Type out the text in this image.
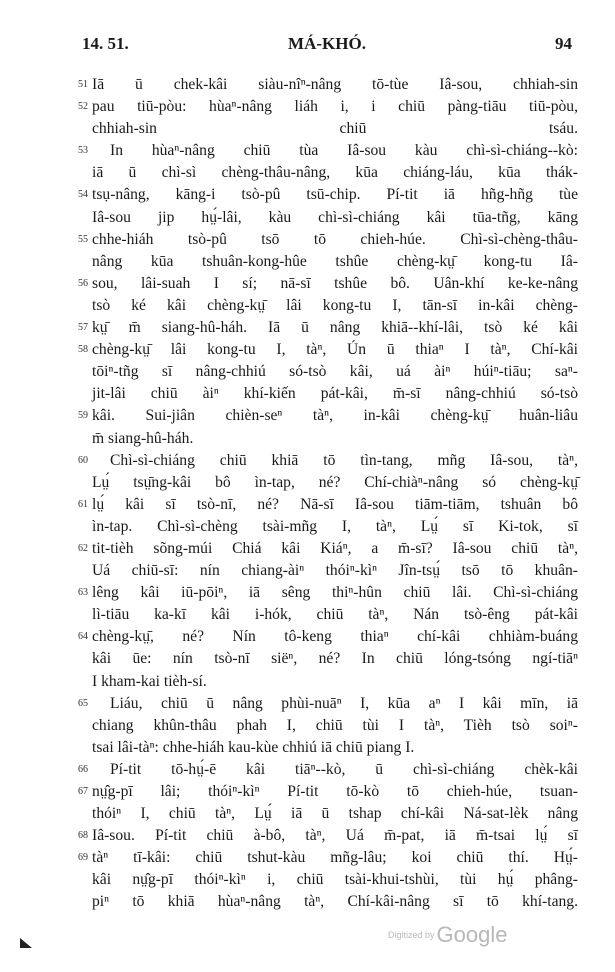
14. 51.	MÁ-KHÓ.	94
51 Iā ū chek-kâi siàu-nîⁿ-nâng tō-tùe Iâ-sou, chhiah-sin
52 pau tiū-pòu: hùaⁿ-nâng liáh i, i chiū pàng-tiāu tiū-pòu,
chhiah-sin chiū tsáu.
53 In hùaⁿ-nâng chiū tùa Iâ-sou kàu chì-sì-chiáng-‑kò:
iā ū chì-sì chèng-thâu-nâng, kūa chiáng-láu, kūa thák-
54 tsụ-nâng, kāng-i tsò-pû tsū-chip. Pí-tit iā hñg-hñg tùe
Iâ-sou jip hṳ́-lâi, kàu chì-sì-chiáng kâi tūa-tñg, kāng
55 chhe-hiáh tsò-pû tsō tō chieh-húe. Chì-sì-chèng-thâu-
nâng kūa tshuân-kong-hûe tshûe chèng-kṳ̄ kong-tu Iâ-
56 sou, lâi-suah I sí; nā-sī tshûe bô. Uân-khí ke-ke-nâng
tsò ké kâi chèng-kṳ̄ lâi kong-tu I, tān-sī in-kâi chèng-
57 kṳ̄ m̄ siang-hû-háh. Iā ū nâng khiā-‑khí-lâi, tsò ké kâi
58 chèng-kṳ̄ lâi kong-tu I, tàⁿ, Ún ū thiaⁿ I tàⁿ, Chí-kâi
tōiⁿ-tñg sī nâng-chhiú só-tsò kâi, uá àiⁿ húiⁿ-tiāu; saⁿ-
jit-lâi chiū àiⁿ khí-kiến pát-kâi, m̄-sī nâng-chhiú só-tsò
59 kâi. Sui-jiân chièn-seⁿ tàⁿ, in-kâi chèng-kṳ̄ huân-liâu
m̄ siang-hû-háh.
60 Chì-sì-chiáng chiū khiā tō tìn-tang, mñg Iâ-sou, tàⁿ,
Lṳ́ tsṳ̄ng-kâi bô ìn-tap, né? Chí-chiàⁿ-nâng só chèng-kṳ̄
61 lṳ́ kâi sī tsò-nī, né? Nā-sī Iâ-sou tiām-tiām, tshuân bô
ìn-tap. Chì-sì-chèng tsài-mñg I, tàⁿ, Lṳ́ sī Ki-tok, sī
62 tit-tièh sõng-múi Chiá kâi Kiáⁿ, a m̄-sī? Iâ-sou chiū tàⁿ,
Uá chiū-sī: nín chiang-àiⁿ thóiⁿ-kìⁿ Jîn-tsṳ́ tsō tō khuân-
63 lêng kâi iū-pōiⁿ, iā sêng thiⁿ-hûn chiū lâi. Chì-sì-chiáng
lì-tiāu ka-kī kâi i-hók, chiū tàⁿ, Nán tsò-êng pát-kâi
64 chèng-kṳ̄, né? Nín tô-keng thiaⁿ chí-kâi chhiàm-buáng
kâi ūe: nín tsò-nī siëⁿ, né? In chiū lóng-tsóng ngí-tiāⁿ
I kham-kai tièh-sí.
65 Liáu, chiū ū nâng phùi-nuāⁿ I, kūa aⁿ I kâi mīn, iā
chiang khûn-thâu phah I, chiū tùi I tàⁿ, Tièh tsò soiⁿ-
tsai lâi-tàⁿ: chhe-hiáh kau-kùe chhiú iā chiū piang I.
66 Pí-tit tō-hṳ́-ē kâi tiāⁿ-‑kò, ū chì-sì-chiáng chèk-kâi
67 nṳ̂g-pī lâi; thóiⁿ-kìⁿ Pí-tit tō-kò tō chieh-húe, tsuan-
thóiⁿ I, chiū tàⁿ, Lṳ́ iā ū tshap chí-kâi Ná-sat-lèk nâng
68 Iâ-sou. Pí-tit chiū à-bô, tàⁿ, Uá m̄-pat, iā m̄-tsai lṳ́ sī
69 tàⁿ tī-kâi: chiū tshut-kàu mñg-lâu; koi chiū thí. Hṳ́-
kâi nṳ̂g-pī thóiⁿ-kìⁿ i, chiū tsài-khui-tshùi, tùi hṳ́ phâng-
piⁿ tō khiā hùaⁿ-nâng tàⁿ, Chí-kâi-nâng sī tō khí-tang.
$^{Digitized by}$Google
